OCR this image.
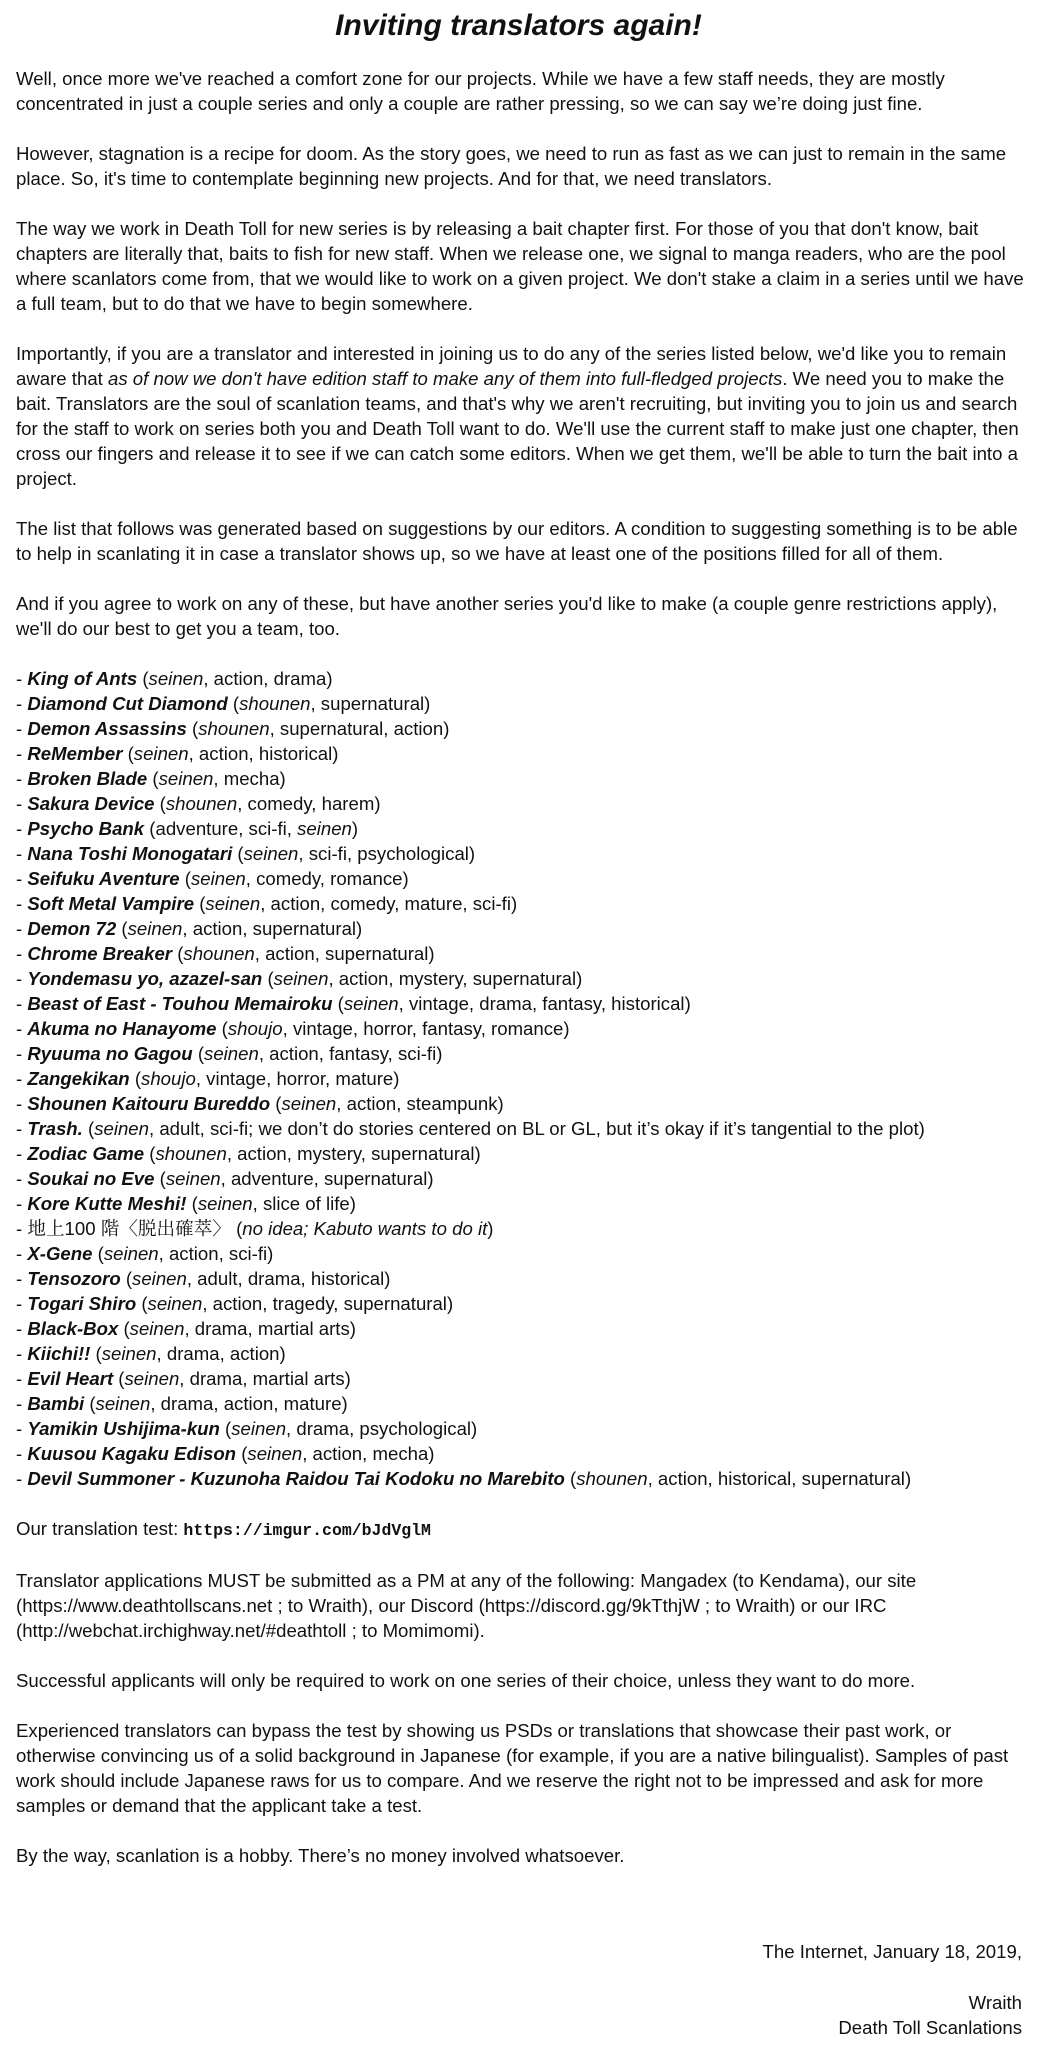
Inviting translators again!

Well, once more we've reached a comfort zone for our projects. While we have a few staff needs, they are mostly concentrated in just a couple series and only a couple are rather pressing, so we can say we’re doing just fine.

However, stagnation is a recipe for doom. As the story goes, we need to run as fast as we can just to remain in the same place. So, it's time to contemplate beginning new projects. And for that, we need translators.

The way we work in Death Toll for new series is by releasing a bait chapter first. For those of you that don't know, bait chapters are literally that, baits to fish for new staff. When we release one, we signal to manga readers, who are the pool where scanlators come from, that we would like to work on a given project. We don't stake a claim in a series until we have a full team, but to do that we have to begin somewhere.

Importantly, if you are a translator and interested in joining us to do any of the series listed below, we'd like you to remain aware that as of now we don't have edition staff to make any of them into full-fledged projects. We need you to make the bait. Translators are the soul of scanlation teams, and that's why we aren't recruiting, but inviting you to join us and search for the staff to work on series both you and Death Toll want to do. We'll use the current staff to make just one chapter, then cross our fingers and release it to see if we can catch some editors. When we get them, we'll be able to turn the bait into a project.

The list that follows was generated based on suggestions by our editors. A condition to suggesting something is to be able to help in scanlating it in case a translator shows up, so we have at least one of the positions filled for all of them.

And if you agree to work on any of these, but have another series you'd like to make (a couple genre restrictions apply), we'll do our best to get you a team, too.

- King of Ants (seinen, action, drama)
- Diamond Cut Diamond (shounen, supernatural)
- Demon Assassins (shounen, supernatural, action)
- ReMember (seinen, action, historical)
- Broken Blade (seinen, mecha)
- Sakura Device (shounen, comedy, harem)
- Psycho Bank (adventure, sci-fi, seinen)
- Nana Toshi Monogatari (seinen, sci-fi, psychological)
- Seifuku Aventure (seinen, comedy, romance)
- Soft Metal Vampire (seinen, action, comedy, mature, sci-fi)
- Demon 72 (seinen, action, supernatural)
- Chrome Breaker (shounen, action, supernatural)
- Yondemasu yo, azazel-san (seinen, action, mystery, supernatural)
- Beast of East - Touhou Memairoku (seinen, vintage, drama, fantasy, historical)
- Akuma no Hanayome (shoujo, vintage, horror, fantasy, romance)
- Ryuuma no Gagou (seinen, action, fantasy, sci-fi)
- Zangekikan (shoujo, vintage, horror, mature)
- Shounen Kaitouru Bureddo (seinen, action, steampunk)
- Trash. (seinen, adult, sci-fi; we don’t do stories centered on BL or GL, but it’s okay if it’s tangential to the plot)
- Zodiac Game (shounen, action, mystery, supernatural)
- Soukai no Eve (seinen, adventure, supernatural)
- Kore Kutte Meshi! (seinen, slice of life)
- 地上100 階〈脱出確萃〉 (no idea; Kabuto wants to do it)
- X-Gene (seinen, action, sci-fi)
- Tensozoro (seinen, adult, drama, historical)
- Togari Shiro (seinen, action, tragedy, supernatural)
- Black-Box (seinen, drama, martial arts)
- Kiichi!! (seinen, drama, action)
- Evil Heart (seinen, drama, martial arts)
- Bambi (seinen, drama, action, mature)
- Yamikin Ushijima-kun (seinen, drama, psychological)
- Kuusou Kagaku Edison (seinen, action, mecha)
- Devil Summoner - Kuzunoha Raidou Tai Kodoku no Marebito (shounen, action, historical, supernatural)

Our translation test: https://imgur.com/bJdVglM

Translator applications MUST be submitted as a PM at any of the following: Mangadex (to Kendama), our site (https://www.deathtollscans.net ; to Wraith), our Discord (https://discord.gg/9kTthjW ; to Wraith) or our IRC (http://webchat.irchighway.net/#deathtoll ; to Momimomi).

Successful applicants will only be required to work on one series of their choice, unless they want to do more.

Experienced translators can bypass the test by showing us PSDs or translations that showcase their past work, or otherwise convincing us of a solid background in Japanese (for example, if you are a native bilingualist). Samples of past work should include Japanese raws for us to compare. And we reserve the right not to be impressed and ask for more samples or demand that the applicant take a test.

By the way, scanlation is a hobby. There’s no money involved whatsoever.

The Internet, January 18, 2019,
Wraith
Death Toll Scanlations
